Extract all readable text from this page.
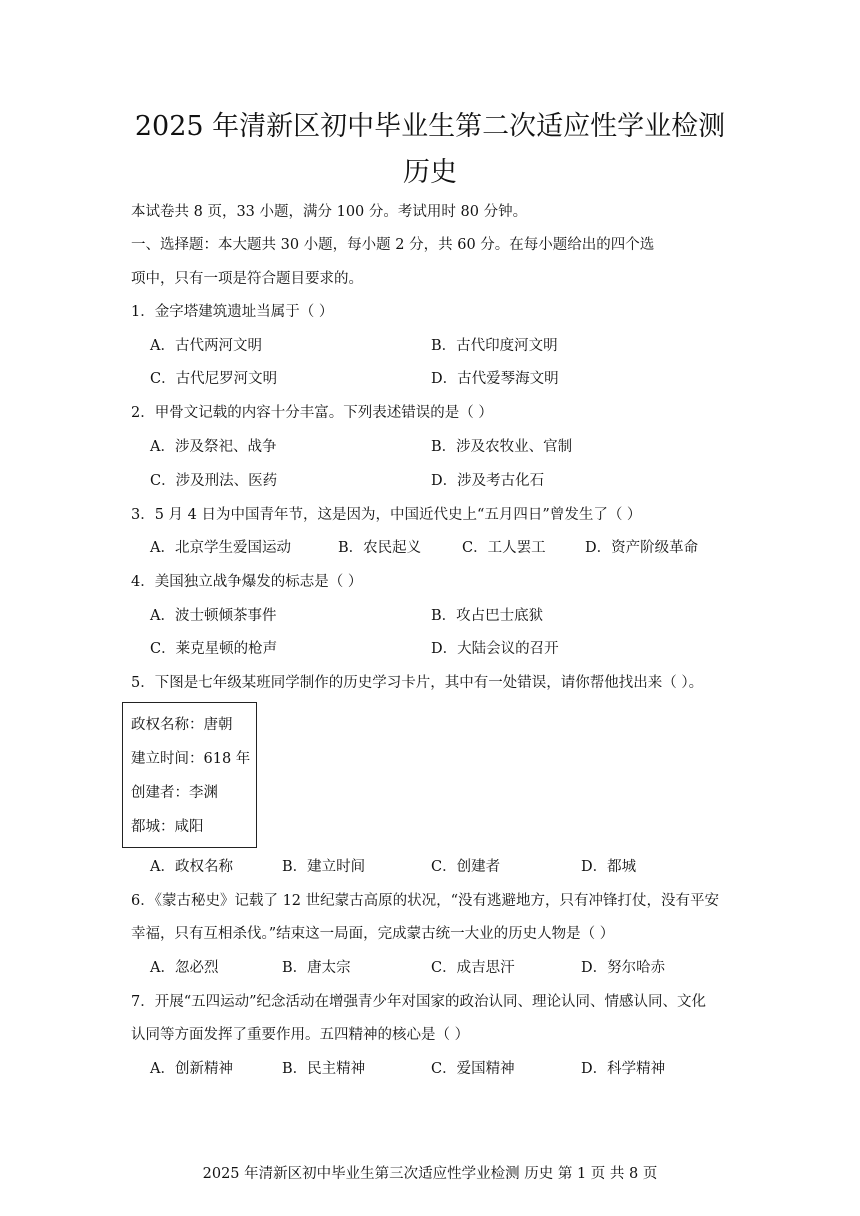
2025 年清新区初中毕业生第二次适应性学业检测
历史
本试卷共 8 页，33 小题，满分 100 分。考试用时 80 分钟。
一、选择题：本大题共 30 小题，每小题 2 分，共 60 分。在每小题给出的四个选
项中，只有一项是符合题目要求的。
1．金字塔建筑遗址当属于（ ）
A．古代两河文明	B．古代印度河文明
C．古代尼罗河文明	D．古代爱琴海文明
2．甲骨文记载的内容十分丰富。下列表述错误的是（ ）
A．涉及祭祀、战争	B．涉及农牧业、官制
C．涉及刑法、医药	D．涉及考古化石
3．5 月 4 日为中国青年节，这是因为，中国近代史上“五月四日”曾发生了（ ）
A．北京学生爱国运动	B．农民起义	C．工人罢工	D．资产阶级革命
4．美国独立战争爆发的标志是（ ）
A．波士顿倾茶事件	B．攻占巴士底狱
C．莱克星顿的枪声	D．大陆会议的召开
5．下图是七年级某班同学制作的历史学习卡片，其中有一处错误，请你帮他找出来（ ）。
政权名称：唐朝
建立时间：618 年
创建者：李渊
都城：咸阳
A．政权名称	B．建立时间	C．创建者	D．都城
6．《蒙古秘史》记载了 12 世纪蒙古高原的状况，“没有逃避地方，只有冲锋打仗，没有平安
幸福，只有互相杀伐。”结束这一局面，完成蒙古统一大业的历史人物是（ ）
A．忽必烈	B．唐太宗	C．成吉思汗	D．努尔哈赤
7．开展“五四运动”纪念活动在增强青少年对国家的政治认同、理论认同、情感认同、文化
认同等方面发挥了重要作用。五四精神的核心是（ ）
A．创新精神	B．民主精神	C．爱国精神	D．科学精神
2025 年清新区初中毕业生第三次适应性学业检测 历史 第 1 页 共 8 页
